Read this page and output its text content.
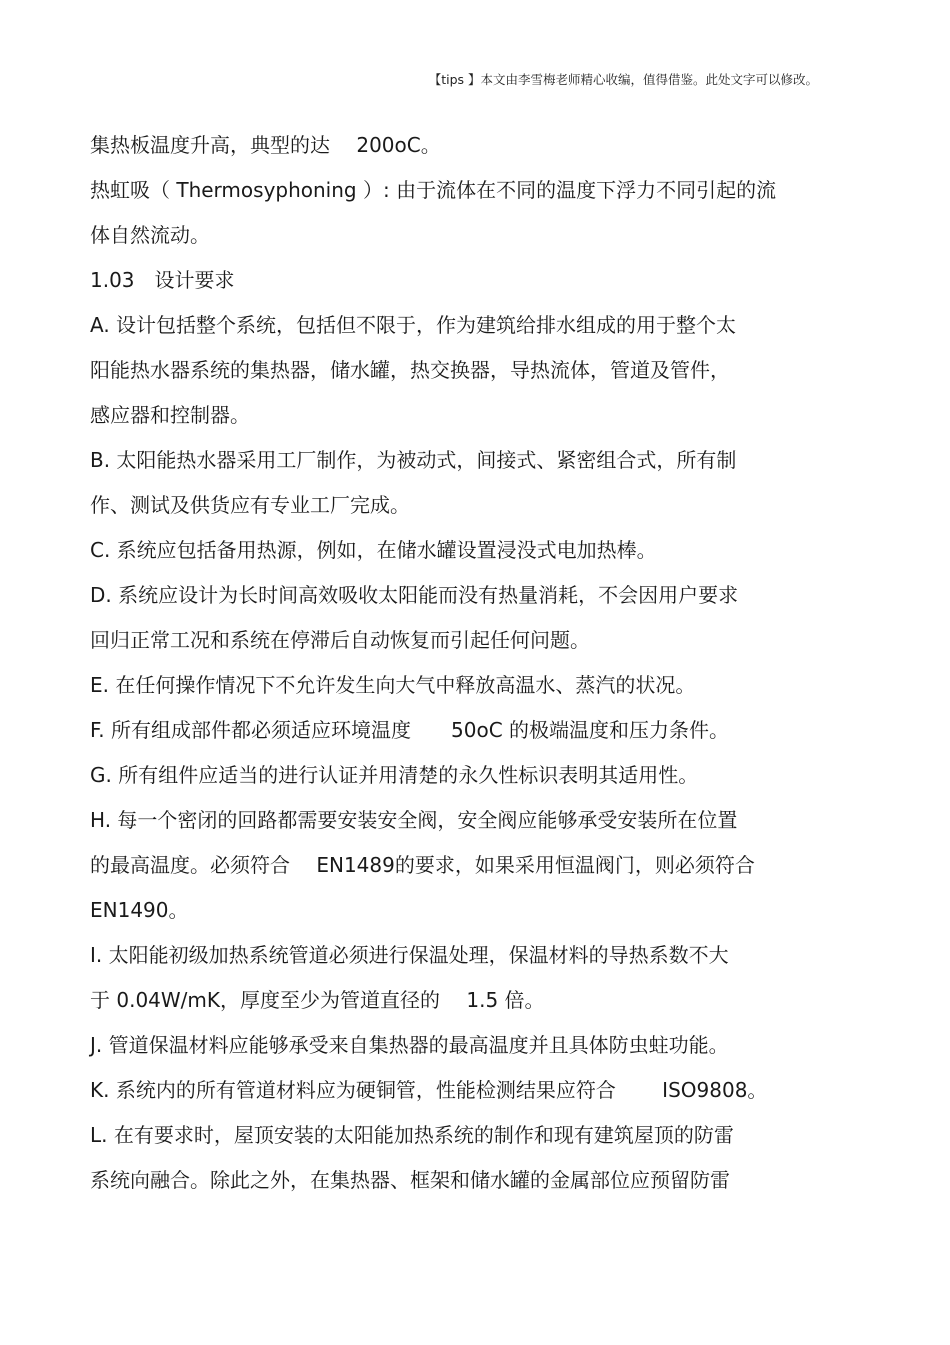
【tips 】本文由李雪梅老师精心收编，值得借鉴。此处文字可以修改。
集热板温度升高，典型的达　 200oC。
热虹吸（ Thermosyphoning ）: 由于流体在不同的温度下浮力不同引起的流
体自然流动。
1.03　设计要求
A. 设计包括整个系统，包括但不限于，作为建筑给排水组成的用于整个太
阳能热水器系统的集热器，储水罐，热交换器，导热流体，管道及管件，
感应器和控制器。
B. 太阳能热水器采用工厂制作，为被动式，间接式、紧密组合式，所有制
作、测试及供货应有专业工厂完成。
C. 系统应包括备用热源，例如，在储水罐设置浸没式电加热棒。
D. 系统应设计为长时间高效吸收太阳能而没有热量消耗，不会因用户要求
回归正常工况和系统在停滞后自动恢复而引起任何问题。
E. 在任何操作情况下不允许发生向大气中释放高温水、蒸汽的状况。
F. 所有组成部件都必须适应环境温度　　50oC 的极端温度和压力条件。
G. 所有组件应适当的进行认证并用清楚的永久性标识表明其适用性。
H. 每一个密闭的回路都需要安装安全阀，安全阀应能够承受安装所在位置
的最高温度。必须符合　 EN1489的要求，如果采用恒温阀门，则必须符合
EN1490。
I. 太阳能初级加热系统管道必须进行保温处理，保温材料的导热系数不大
于 0.04W/mK，厚度至少为管道直径的　 1.5 倍。
J. 管道保温材料应能够承受来自集热器的最高温度并且具体防虫蛀功能。
K. 系统内的所有管道材料应为硬铜管，性能检测结果应符合　　 ISO9808。
L. 在有要求时，屋顶安装的太阳能加热系统的制作和现有建筑屋顶的防雷
系统向融合。除此之外，在集热器、框架和储水罐的金属部位应预留防雷
